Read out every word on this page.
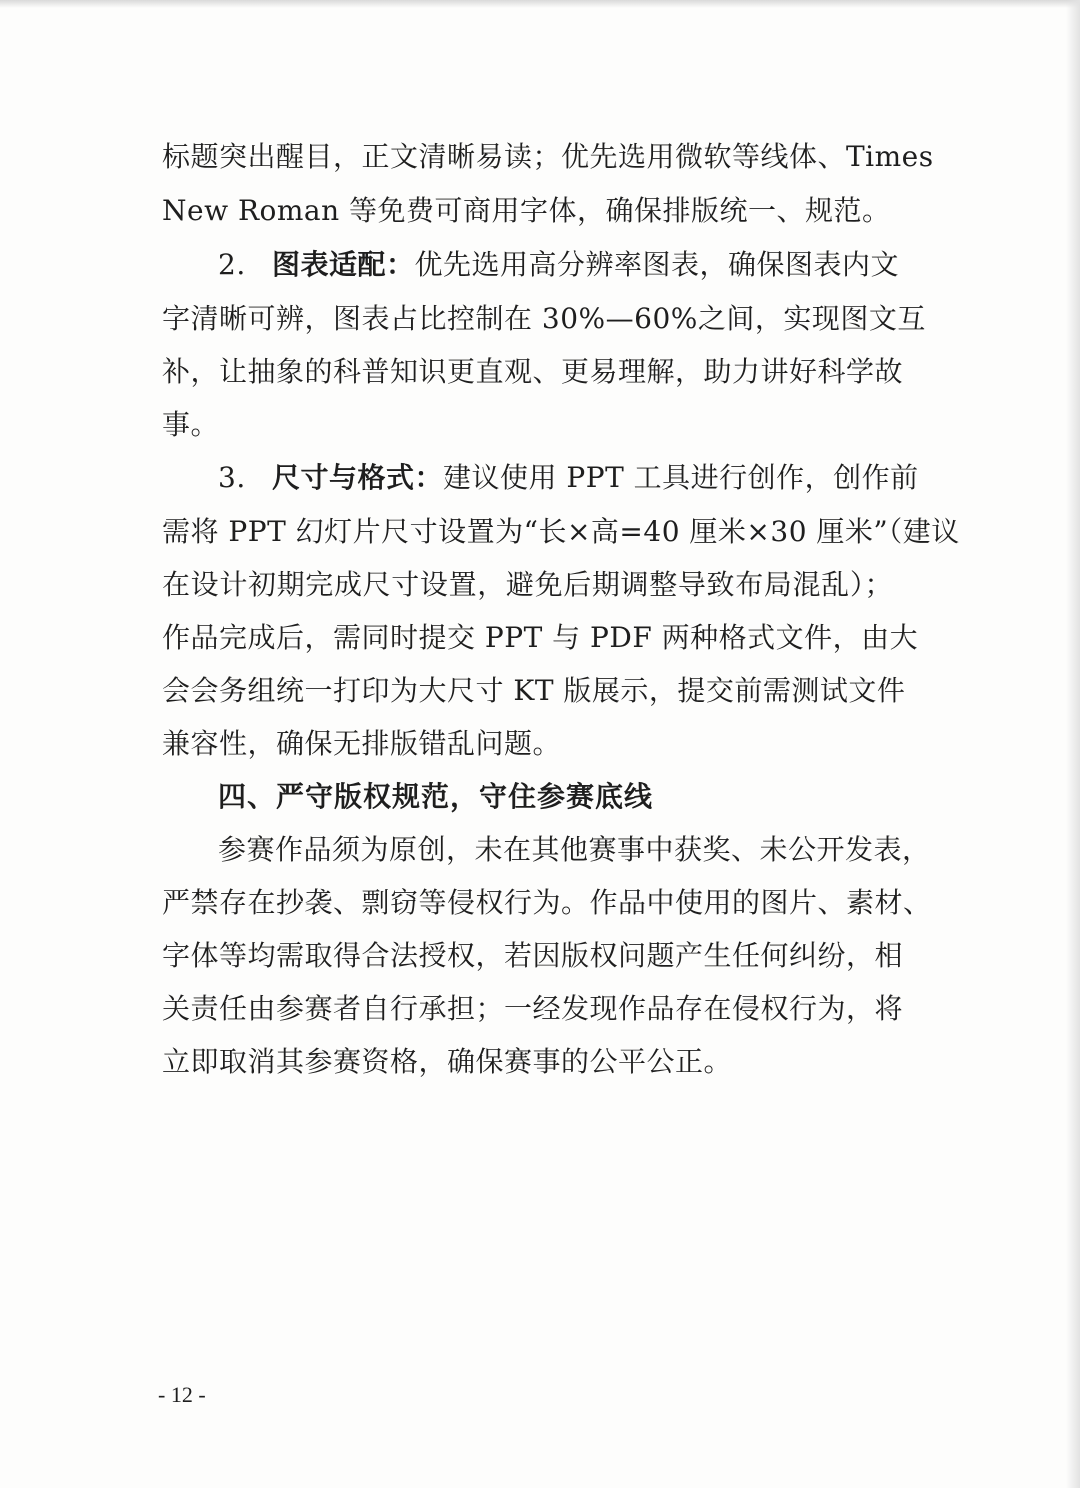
标题突出醒目，正文清晰易读；优先选用微软等线体、Times
New Roman 等免费可商用字体，确保排版统一、规范。
2. 图表适配：优先选用高分辨率图表，确保图表内文
字清晰可辨，图表占比控制在 30%—60%之间，实现图文互
补，让抽象的科普知识更直观、更易理解，助力讲好科学故
事。
3. 尺寸与格式：建议使用 PPT 工具进行创作，创作前
需将 PPT 幻灯片尺寸设置为“长×高=40 厘米×30 厘米”（建议
在设计初期完成尺寸设置，避免后期调整导致布局混乱）；
作品完成后，需同时提交 PPT 与 PDF 两种格式文件，由大
会会务组统一打印为大尺寸 KT 版展示，提交前需测试文件
兼容性，确保无排版错乱问题。
四、严守版权规范，守住参赛底线
参赛作品须为原创，未在其他赛事中获奖、未公开发表，
严禁存在抄袭、剽窃等侵权行为。作品中使用的图片、素材、
字体等均需取得合法授权，若因版权问题产生任何纠纷，相
关责任由参赛者自行承担；一经发现作品存在侵权行为，将
立即取消其参赛资格，确保赛事的公平公正。
- 12 -
